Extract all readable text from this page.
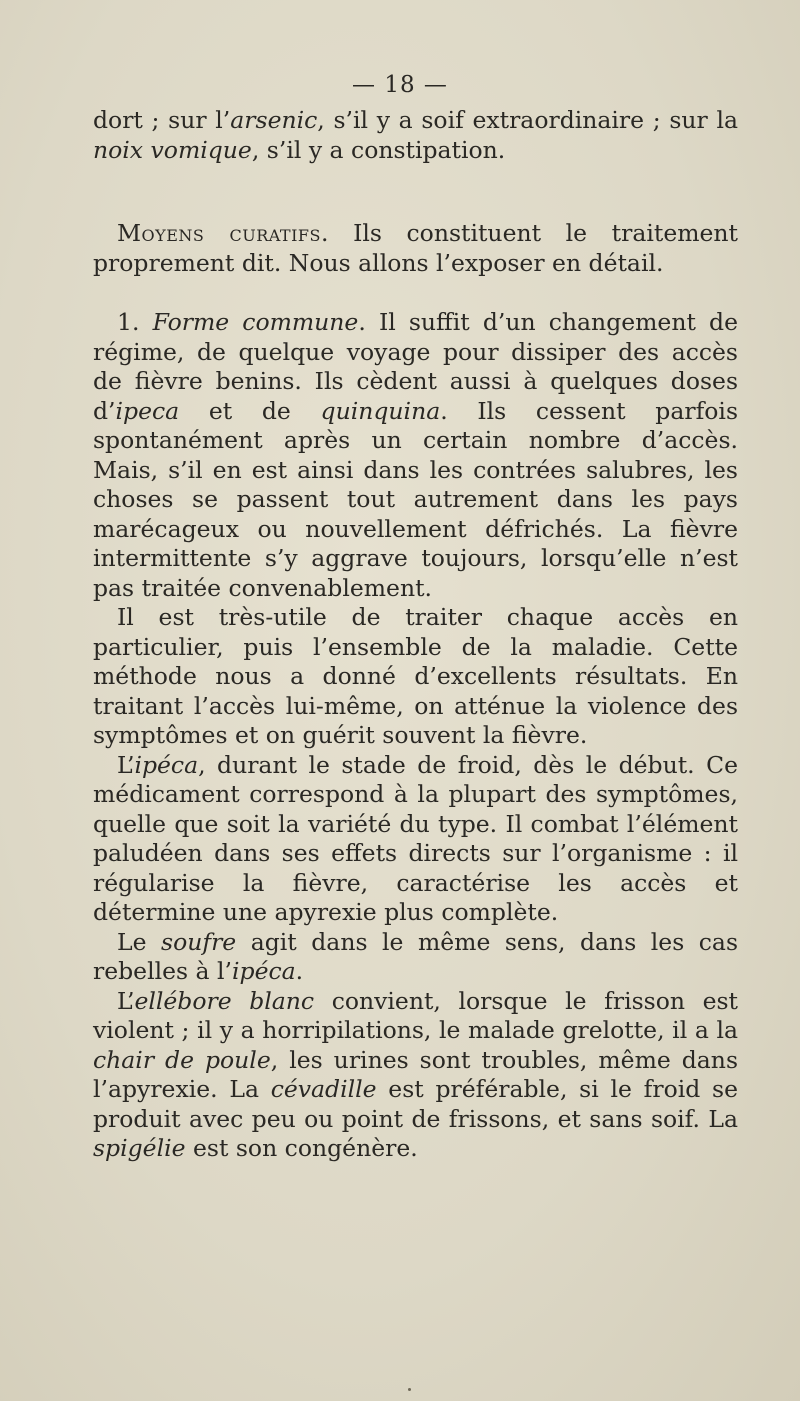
— 18 —

dort ; sur l’arsenic, s’il y a soif extraordinaire ; sur la noix vomique, s’il y a constipation.

Moyens curatifs. Ils constituent le traitement proprement dit. Nous allons l’exposer en détail.

1. Forme commune. Il suffit d’un changement de régime, de quelque voyage pour dissiper des accès de fièvre benins. Ils cèdent aussi à quelques doses d’ipeca et de quinquina. Ils cessent parfois spontanément après un certain nombre d’accès. Mais, s’il en est ainsi dans les contrées salubres, les choses se passent tout autrement dans les pays marécageux ou nouvellement défrichés. La fièvre intermittente s’y aggrave toujours, lorsqu’elle n’est pas traitée convenablement.

Il est très-utile de traiter chaque accès en particulier, puis l’ensemble de la maladie. Cette méthode nous a donné d’excellents résultats. En traitant l’accès lui-même, on atténue la violence des symptômes et on guérit souvent la fièvre.

L’ipéca, durant le stade de froid, dès le début. Ce médicament correspond à la plupart des symptômes, quelle que soit la variété du type. Il combat l’élément paludéen dans ses effets directs sur l’organisme : il régularise la fièvre, caractérise les accès et détermine une apyrexie plus complète.

Le soufre agit dans le même sens, dans les cas rebelles à l’ipéca.

L’ellébore blanc convient, lorsque le frisson est violent ; il y a horripilations, le malade grelotte, il a la chair de poule, les urines sont troubles, même dans l’apyrexie. La cévadille est préférable, si le froid se produit avec peu ou point de frissons, et sans soif. La spigélie est son congénère.
